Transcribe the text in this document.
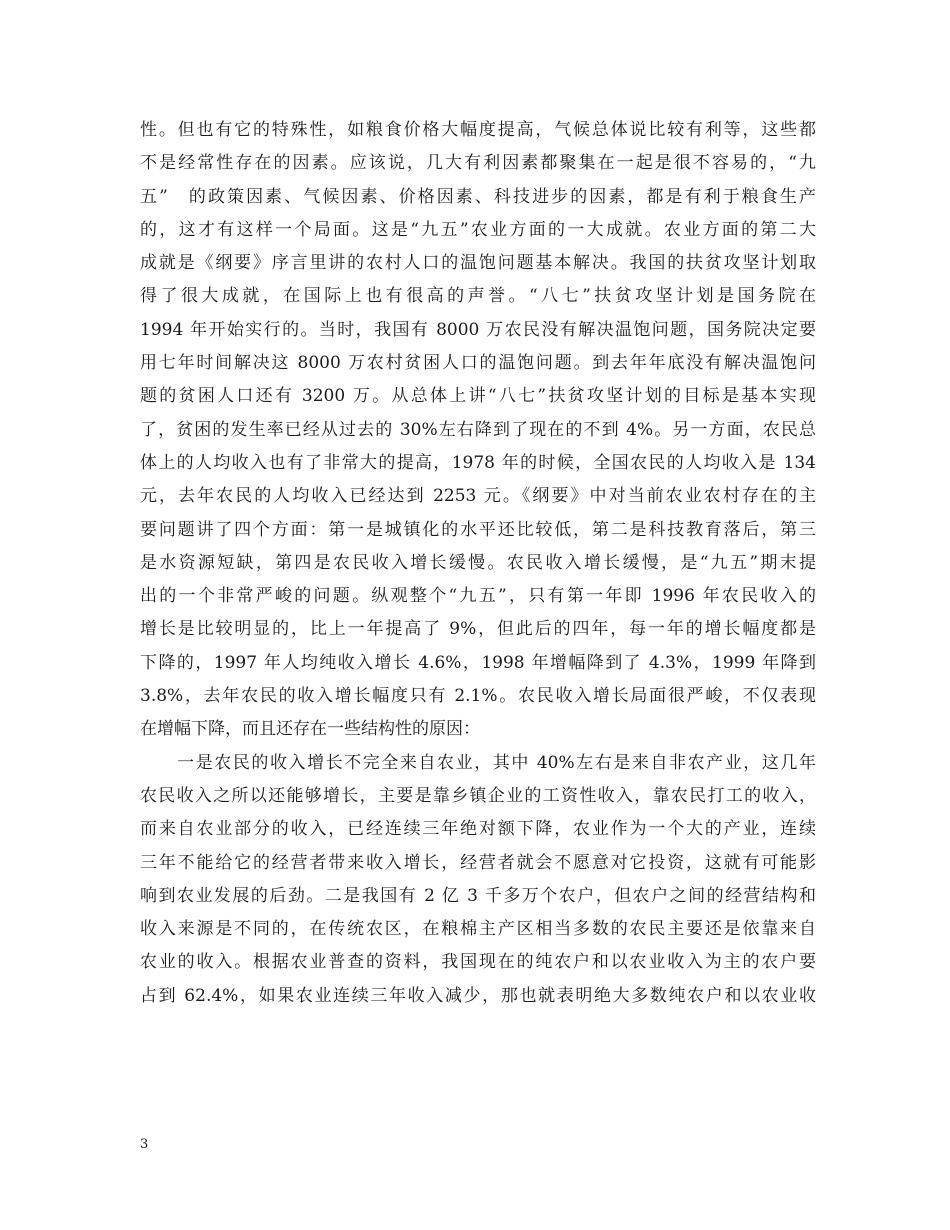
性。但也有它的特殊性，如粮食价格大幅度提高，气候总体说比较有利等，这些都
不是经常性存在的因素。应该说，几大有利因素都聚集在一起是很不容易的，“九
五”　的政策因素、气候因素、价格因素、科技进步的因素，都是有利于粮食生产
的，这才有这样一个局面。这是“九五”农业方面的一大成就。农业方面的第二大
成就是《纲要》序言里讲的农村人口的温饱问题基本解决。我国的扶贫攻坚计划取
得了很大成就，在国际上也有很高的声誉。“八七”扶贫攻坚计划是国务院在
1994 年开始实行的。当时，我国有 8000 万农民没有解决温饱问题，国务院决定要
用七年时间解决这 8000 万农村贫困人口的温饱问题。到去年年底没有解决温饱问
题的贫困人口还有 3200 万。从总体上讲“八七”扶贫攻坚计划的目标是基本实现
了，贫困的发生率已经从过去的 30%左右降到了现在的不到 4%。另一方面，农民总
体上的人均收入也有了非常大的提高，1978 年的时候，全国农民的人均收入是 134
元，去年农民的人均收入已经达到 2253 元。《纲要》中对当前农业农村存在的主
要问题讲了四个方面：第一是城镇化的水平还比较低，第二是科技教育落后，第三
是水资源短缺，第四是农民收入增长缓慢。农民收入增长缓慢，是“九五”期末提
出的一个非常严峻的问题。纵观整个“九五”，只有第一年即 1996 年农民收入的
增长是比较明显的，比上一年提高了 9%，但此后的四年，每一年的增长幅度都是
下降的，1997 年人均纯收入增长 4.6%，1998 年增幅降到了 4.3%，1999 年降到
3.8%，去年农民的收入增长幅度只有 2.1%。农民收入增长局面很严峻，不仅表现
在增幅下降，而且还存在一些结构性的原因：
　　一是农民的收入增长不完全来自农业，其中 40%左右是来自非农产业，这几年
农民收入之所以还能够增长，主要是靠乡镇企业的工资性收入，靠农民打工的收入，
而来自农业部分的收入，已经连续三年绝对额下降，农业作为一个大的产业，连续
三年不能给它的经营者带来收入增长，经营者就会不愿意对它投资，这就有可能影
响到农业发展的后劲。二是我国有 2 亿 3 千多万个农户，但农户之间的经营结构和
收入来源是不同的，在传统农区，在粮棉主产区相当多数的农民主要还是依靠来自
农业的收入。根据农业普查的资料，我国现在的纯农户和以农业收入为主的农户要
占到 62.4%，如果农业连续三年收入减少，那也就表明绝大多数纯农户和以农业收
3
